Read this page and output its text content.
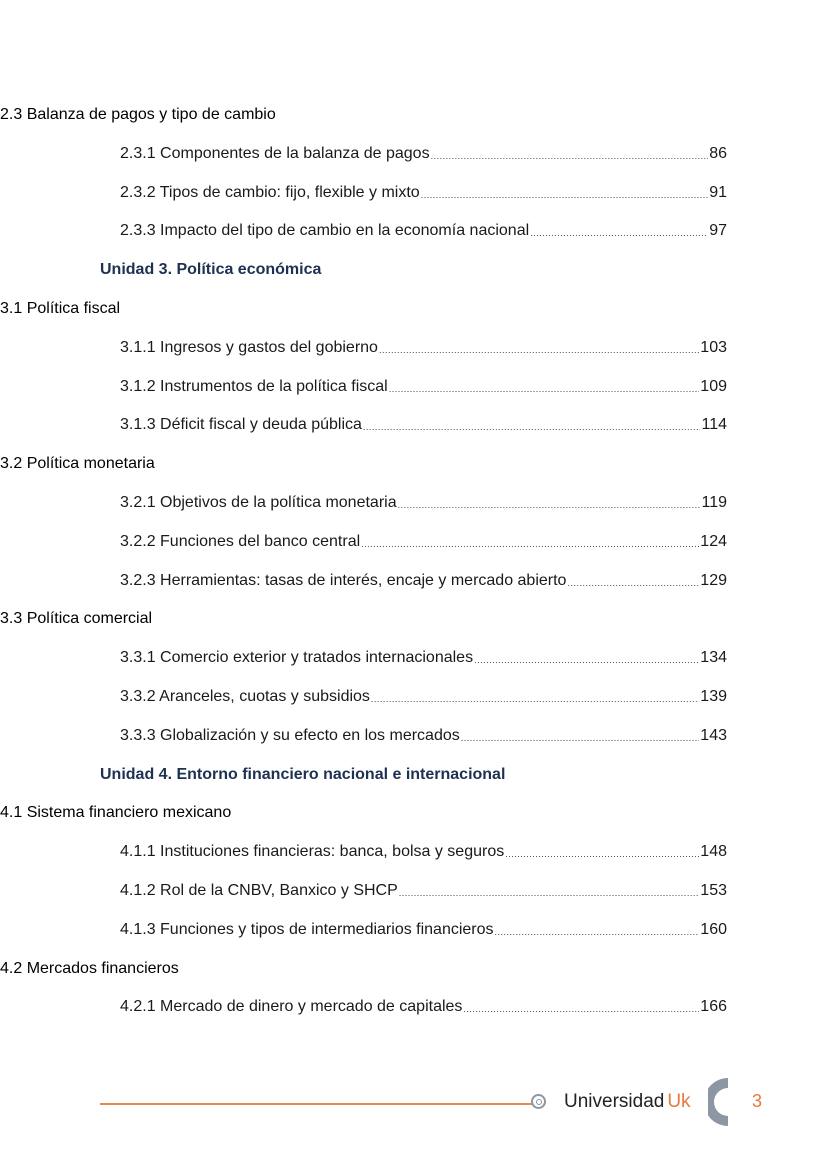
2.3 Balanza de pagos y tipo de cambio
2.3.1 Componentes de la balanza de pagos .....	86
2.3.2 Tipos de cambio: fijo, flexible y mixto .....	91
2.3.3 Impacto del tipo de cambio en la economía nacional .....	97
Unidad 3. Política económica
3.1 Política fiscal
3.1.1 Ingresos y gastos del gobierno .....	103
3.1.2 Instrumentos de la política fiscal .....	109
3.1.3 Déficit fiscal y deuda pública .....	114
3.2 Política monetaria
3.2.1 Objetivos de la política monetaria .....	119
3.2.2 Funciones del banco central .....	124
3.2.3 Herramientas: tasas de interés, encaje y mercado abierto .....	129
3.3 Política comercial
3.3.1 Comercio exterior y tratados internacionales .....	134
3.3.2 Aranceles, cuotas y subsidios .....	139
3.3.3 Globalización y su efecto en los mercados .....	143
Unidad 4. Entorno financiero nacional e internacional
4.1 Sistema financiero mexicano
4.1.1 Instituciones financieras: banca, bolsa y seguros .....	148
4.1.2 Rol de la CNBV, Banxico y SHCP .....	153
4.1.3 Funciones y tipos de intermediarios financieros .....	160
4.2 Mercados financieros
4.2.1 Mercado de dinero y mercado de capitales .....	166
Universidad Uk	3
